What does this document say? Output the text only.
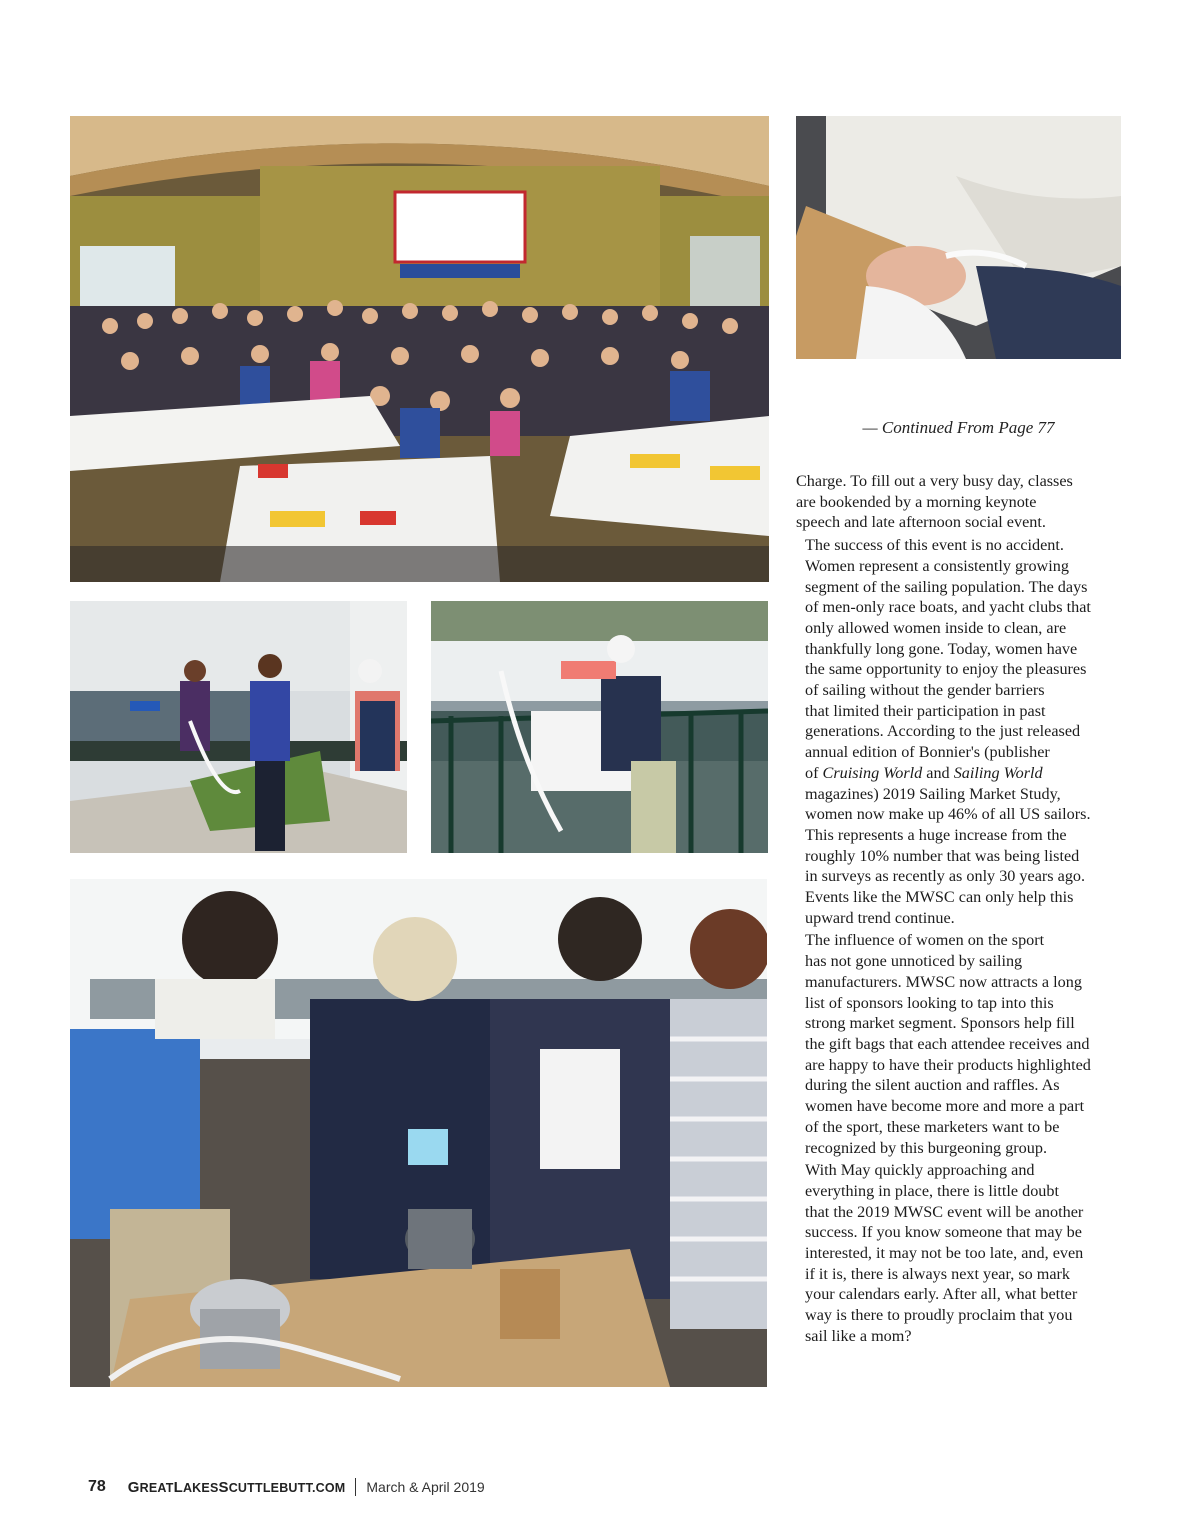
— Continued From Page 77

Charge. To fill out a very busy day, classes
are bookended by a morning keynote
speech and late afternoon social event.

The success of this event is no accident.
Women represent a consistently growing
segment of the sailing population. The days
of men-only race boats, and yacht clubs that
only allowed women inside to clean, are
thankfully long gone. Today, women have
the same opportunity to enjoy the pleasures
of sailing without the gender barriers
that limited their participation in past
generations. According to the just released
annual edition of Bonnier's (publisher
of Cruising World and Sailing World
magazines) 2019 Sailing Market Study,
women now make up 46% of all US sailors.
This represents a huge increase from the
roughly 10% number that was being listed
in surveys as recently as only 30 years ago.
Events like the MWSC can only help this
upward trend continue.

The influence of women on the sport
has not gone unnoticed by sailing
manufacturers. MWSC now attracts a long
list of sponsors looking to tap into this
strong market segment. Sponsors help fill
the gift bags that each attendee receives and
are happy to have their products highlighted
during the silent auction and raffles. As
women have become more and more a part
of the sport, these marketers want to be
recognized by this burgeoning group.

With May quickly approaching and
everything in place, there is little doubt
that the 2019 MWSC event will be another
success. If you know someone that may be
interested, it may not be too late, and, even
if it is, there is always next year, so mark
your calendars early. After all, what better
way is there to proudly proclaim that you
sail like a mom?

78 GREATLAKESSCUTTLEBUTT.COM March & April 2019
